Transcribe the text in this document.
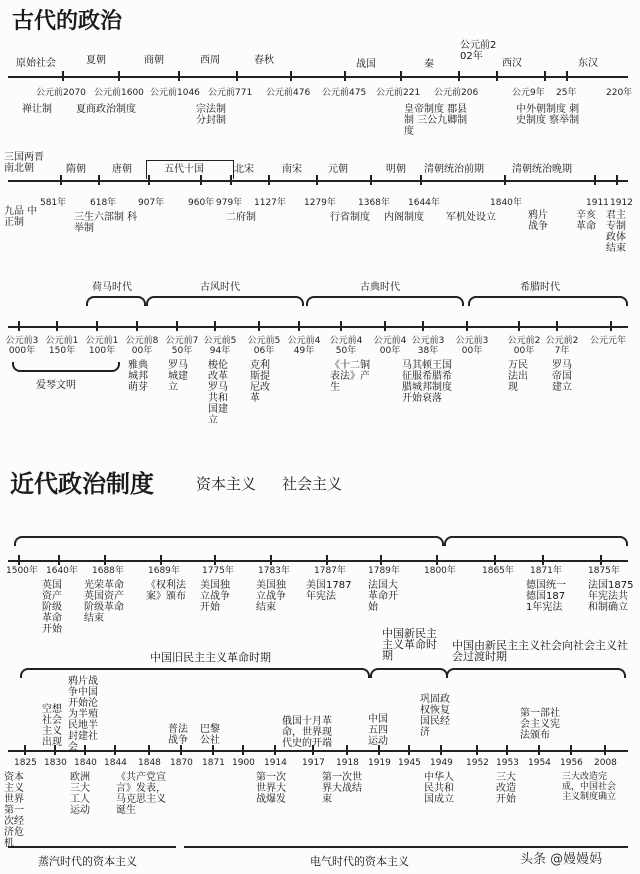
古代的政治
原始社会	夏朝	商朝	西周	春秋	战国	秦
公元前202年
西汉	东汉
公元前2070 公元前1600 公元前1046 公元前771 公元前476 公元前475 公元前221 公元前206	公元9年 25年	220年
禅让制 夏商政治制度	宗法制 分封制
皇帝制度 郡县制 三公九卿制度
中外朝制度 刺史制度 察举制
三国两晋 南北朝	隋朝	唐朝	五代十国	北宋	南宋	元朝	明朝 清朝统治前期	清朝统治晚期
581年	618年 907年	960年 979年 1127年 1279年 1368年 1644年	1840年	1911 1912
九品 中正制	三生六部制 科举制
二府制	行省制度 内阁制度 军机处设立	鸦片战争
辛亥革命
君主专制政体结束
荷马时代	古风时代	古典时代	希腊时代
公元前3000年
公元前1150年
公元前1100年
公元前800年
公元前750年
公元前594年
公元前506年
公元前449年
公元前450年
公元前400年
公元前338年
公元前300年
公元前200年
公元前27年
公元元年
爱琴文明
雅典城邦萌芽
罗马城建立
梭伦改革罗马共和国建立
克利斯提尼改革
《十二铜表法》产生
马其顿王国征服希腊希腊城邦制度开始衰落
万民法出现
罗马帝国建立
近代政治制度	资本主义 社会主义
1500年 1640年 1688年	1689年 1775年	1783年	1787年 1789年	1800年	1865年 1871年	1875年
英国资产阶级革命开始
光荣革命英国资产阶级革命结束
《权利法案》颁布
美国独立战争开始
美国独立战争结束
美国1787年宪法
法国大革命开始
德国统一德国1871年宪法
法国1875年宪法共和制确立
中国旧民主主义革命时期
中国新民主主义革命时期
中国由新民主主义社会向社会主义社会过渡时期
空想社会主义出现
鸦片战争中国开始沦为半殖民地半封建社会
普法战争
巴黎公社
俄国十月革命，世界现代史的开端
中国五四运动
巩固政权恢复国民经济
第一部社会主义宪法颁布
1825 1830 1840 1844 1848 1870 1871 1900 1914 1917 1918 1919 1945 1949 1952 1953 1954 1956 2008
资本主义世界第一次经济危机
欧洲三大工人运动
《共产党宣言》发表，马克思主义诞生
第一次世界大战爆发
第一次世界大战结束
中华人民共和国成立
三大改造开始
三大改造完成，中国社会主义制度确立
蒸汽时代的资本主义	电气时代的资本主义	头条 @嫚嫚妈
